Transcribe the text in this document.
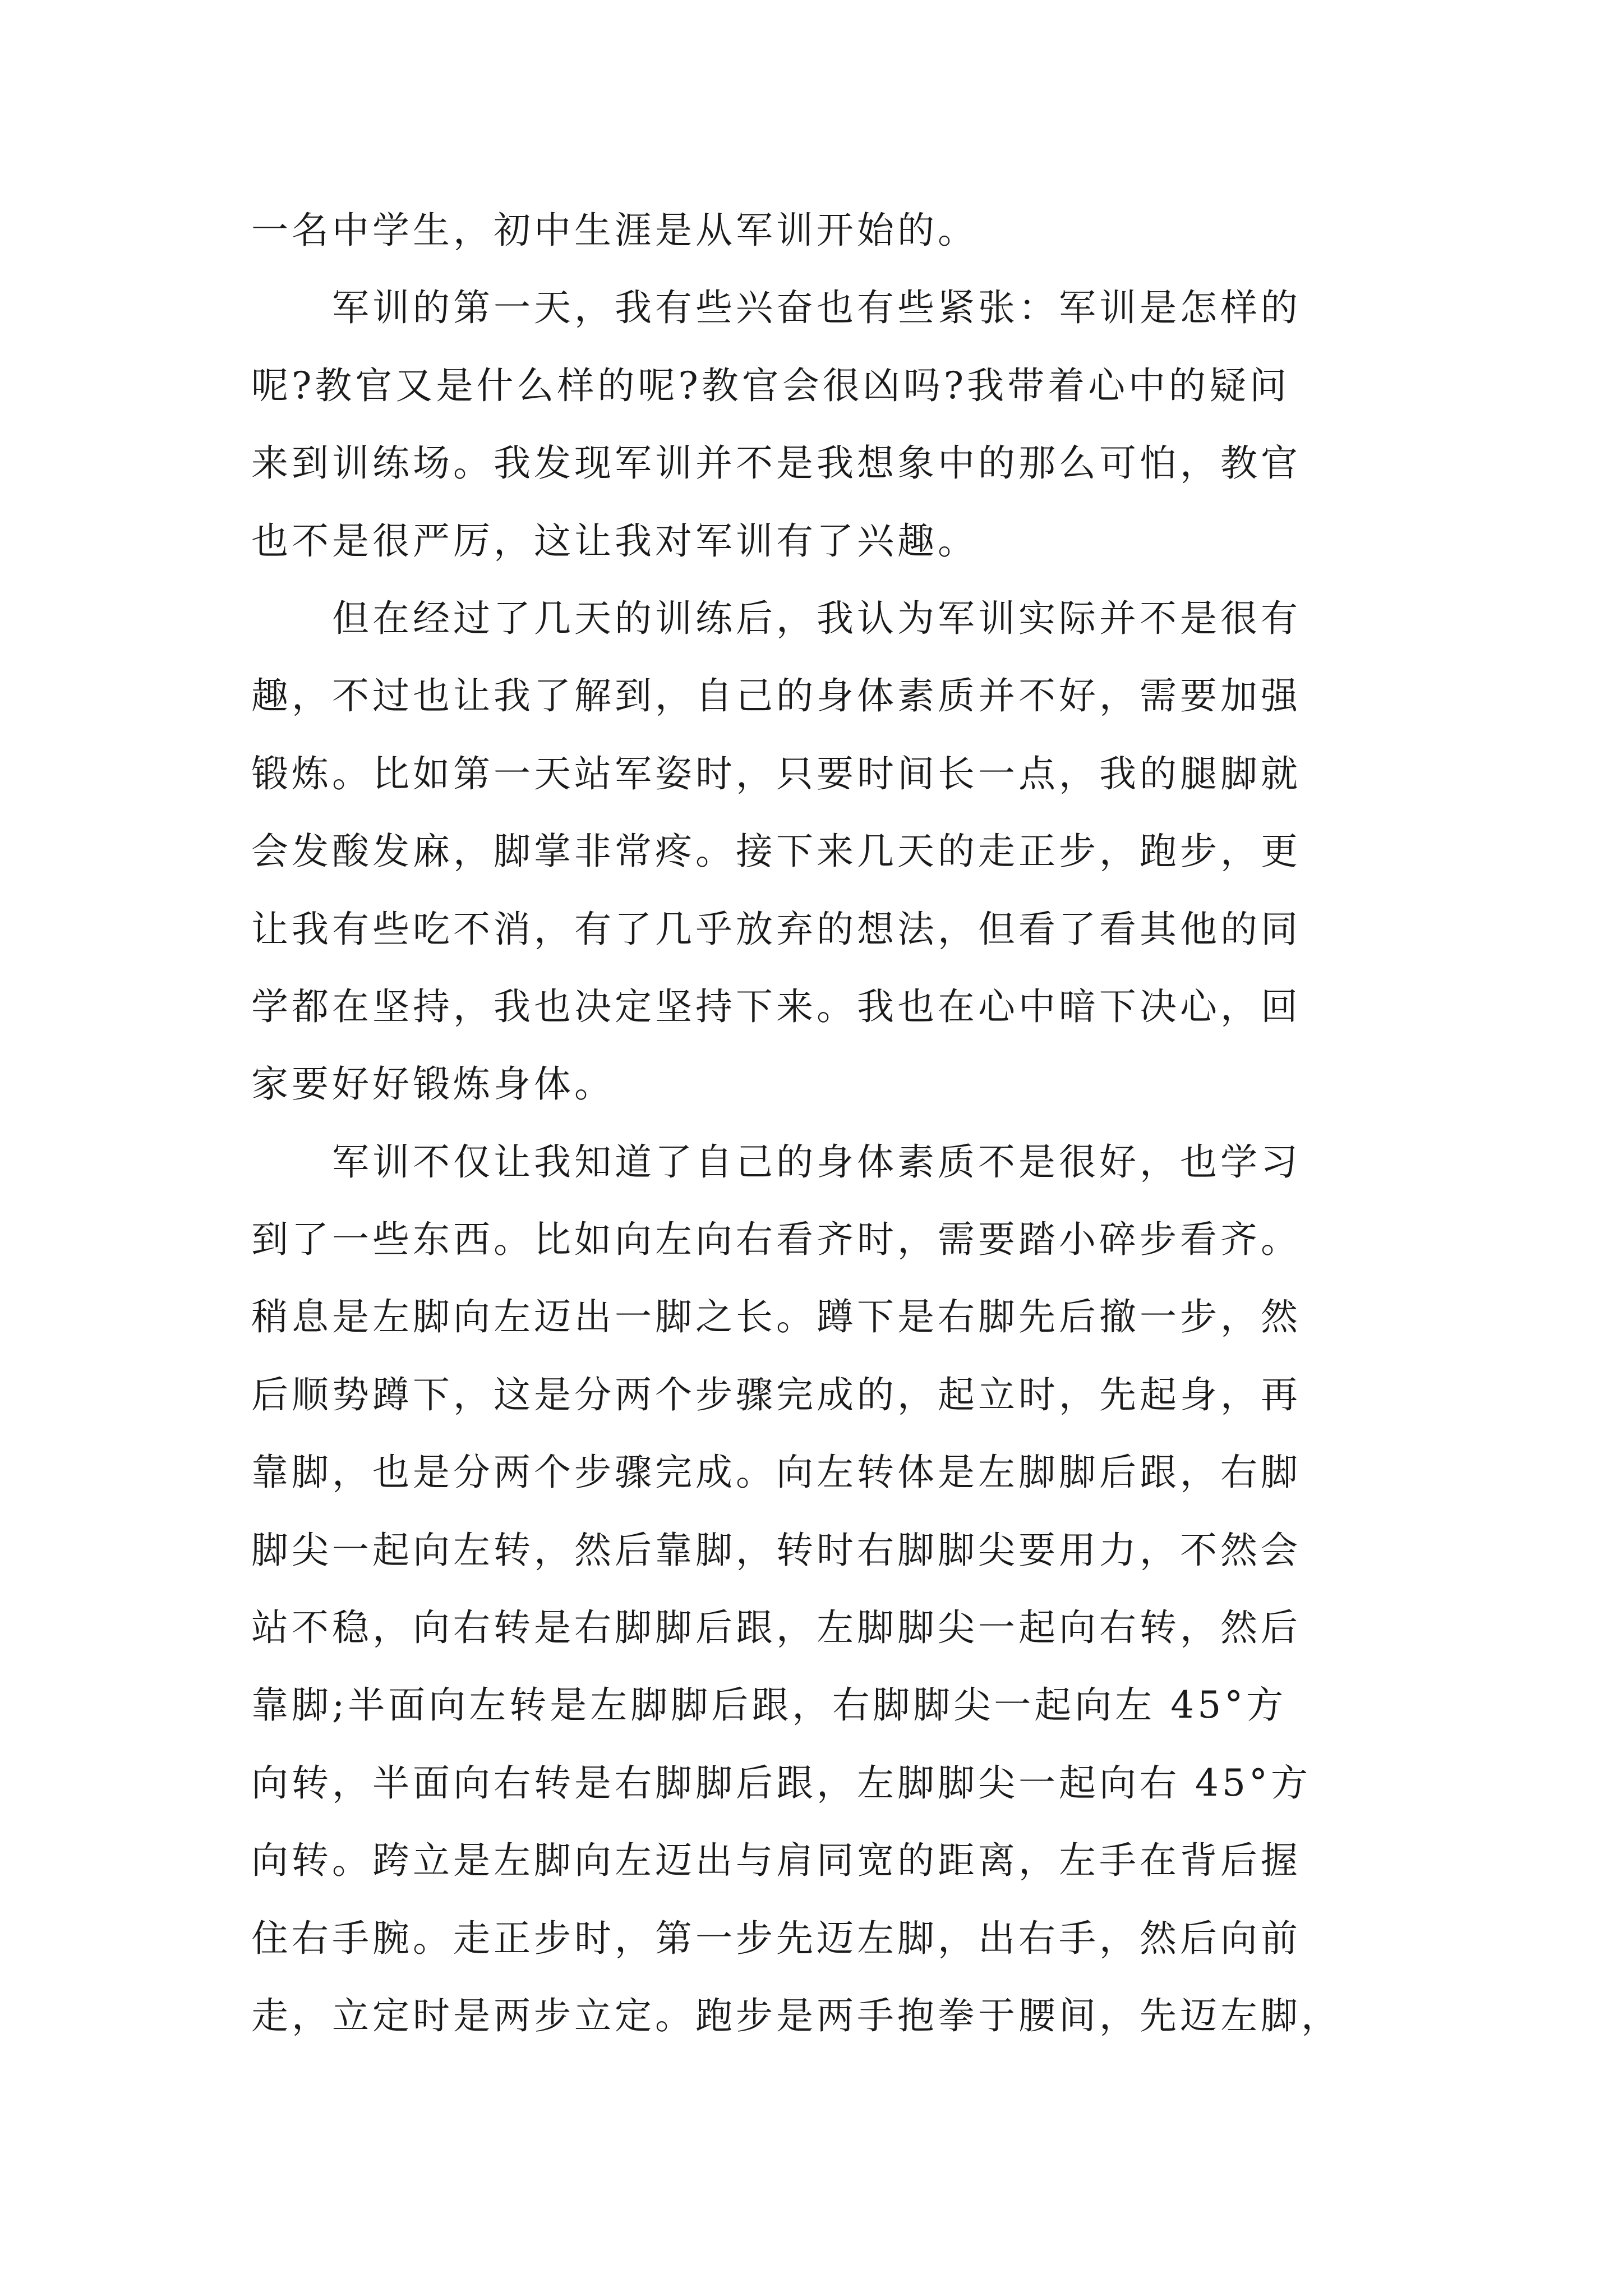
一名中学生，初中生涯是从军训开始的。
　　军训的第一天，我有些兴奋也有些紧张：军训是怎样的
呢?教官又是什么样的呢?教官会很凶吗?我带着心中的疑问
来到训练场。我发现军训并不是我想象中的那么可怕，教官
也不是很严厉，这让我对军训有了兴趣。
　　但在经过了几天的训练后，我认为军训实际并不是很有
趣，不过也让我了解到，自己的身体素质并不好，需要加强
锻炼。比如第一天站军姿时，只要时间长一点，我的腿脚就
会发酸发麻，脚掌非常疼。接下来几天的走正步，跑步，更
让我有些吃不消，有了几乎放弃的想法，但看了看其他的同
学都在坚持，我也决定坚持下来。我也在心中暗下决心，回
家要好好锻炼身体。
　　军训不仅让我知道了自己的身体素质不是很好，也学习
到了一些东西。比如向左向右看齐时，需要踏小碎步看齐。
稍息是左脚向左迈出一脚之长。蹲下是右脚先后撤一步，然
后顺势蹲下，这是分两个步骤完成的，起立时，先起身，再
靠脚，也是分两个步骤完成。向左转体是左脚脚后跟，右脚
脚尖一起向左转，然后靠脚，转时右脚脚尖要用力，不然会
站不稳，向右转是右脚脚后跟，左脚脚尖一起向右转，然后
靠脚;半面向左转是左脚脚后跟，右脚脚尖一起向左 45°方
向转，半面向右转是右脚脚后跟，左脚脚尖一起向右 45°方
向转。跨立是左脚向左迈出与肩同宽的距离，左手在背后握
住右手腕。走正步时，第一步先迈左脚，出右手，然后向前
走，立定时是两步立定。跑步是两手抱拳于腰间，先迈左脚，
